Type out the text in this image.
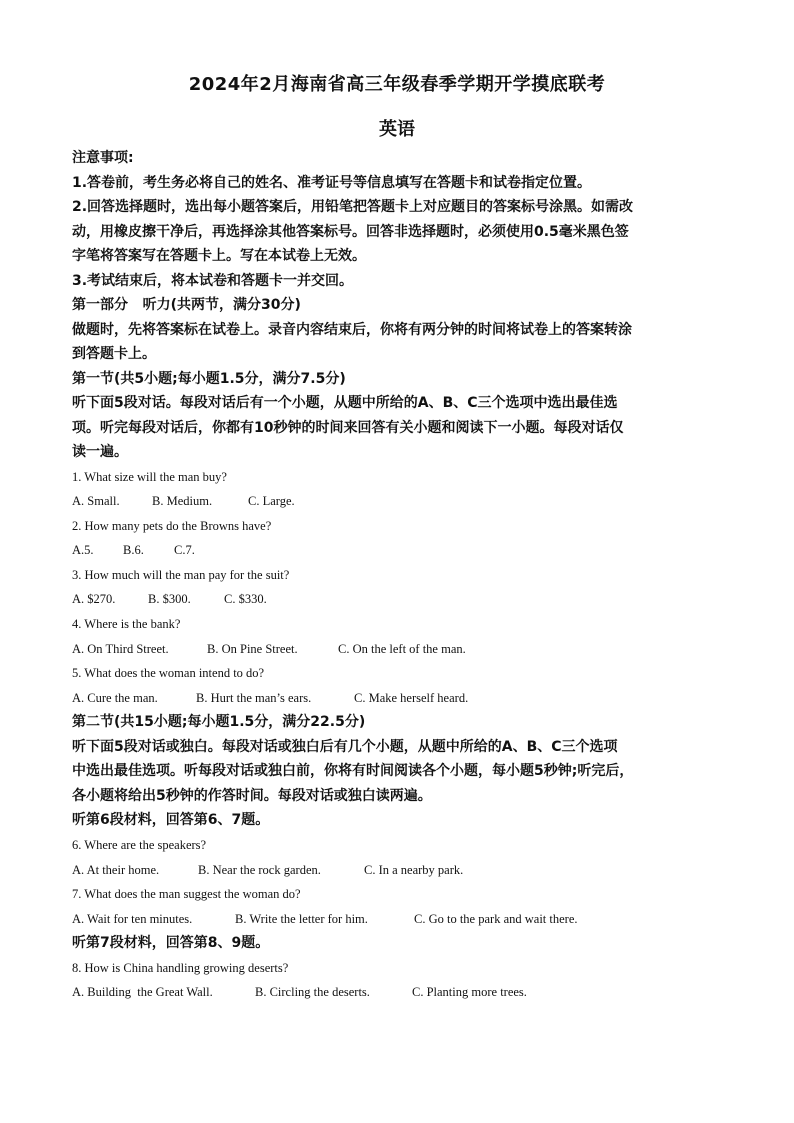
2024年2月海南省高三年级春季学期开学摸底联考
英语

注意事项:

1.答卷前，考生务必将自己的姓名、准考证号等信息填写在答题卡和试卷指定位置。

2.回答选择题时，选出每小题答案后，用铅笔把答题卡上对应题目的答案标号涂黑。如需改

动，用橡皮擦干净后，再选择涂其他答案标号。回答非选择题时，必须使用0.5毫米黑色签

字笔将答案写在答题卡上。写在本试卷上无效。

3.考试结束后，将本试卷和答题卡一并交回。

第一部分   听力(共两节，满分30分)

做题时，先将答案标在试卷上。录音内容结束后，你将有两分钟的时间将试卷上的答案转涂

到答题卡上。

第一节(共5小题;每小题1.5分，满分7.5分)

听下面5段对话。每段对话后有一个小题，从题中所给的A、B、C三个选项中选出最佳选

项。听完每段对话后，你都有10秒钟的时间来回答有关小题和阅读下一小题。每段对话仅

读一遍。

1. What size will the man buy?

A. Small.	B. Medium.	C. Large.

2. How many pets do the Browns have?

A.5. B.6. C.7.

3. How much will the man pay for the suit?

A. $270.	B. $300.	C. $330.

4. Where is the bank?

A. On Third Street.	B. On Pine Street.	C. On the left of the man.

5. What does the woman intend to do?

A. Cure the man.	B. Hurt the man’s ears.	C. Make herself heard.

第二节(共15小题;每小题1.5分，满分22.5分)

听下面5段对话或独白。每段对话或独白后有几个小题，从题中所给的A、B、C三个选项

中选出最佳选项。听每段对话或独白前，你将有时间阅读各个小题，每小题5秒钟;听完后，

各小题将给出5秒钟的作答时间。每段对话或独白读两遍。

听第6段材料，回答第6、7题。

6. Where are the speakers?

A. At their home.	B. Near the rock garden.	C. In a nearby park.

7. What does the man suggest the woman do?

A. Wait for ten minutes.	B. Write the letter for him.	C. Go to the park and wait there.

听第7段材料，回答第8、9题。

8. How is China handling growing deserts?

A. Building  the Great Wall.	B. Circling the deserts.	C. Planting more trees.
